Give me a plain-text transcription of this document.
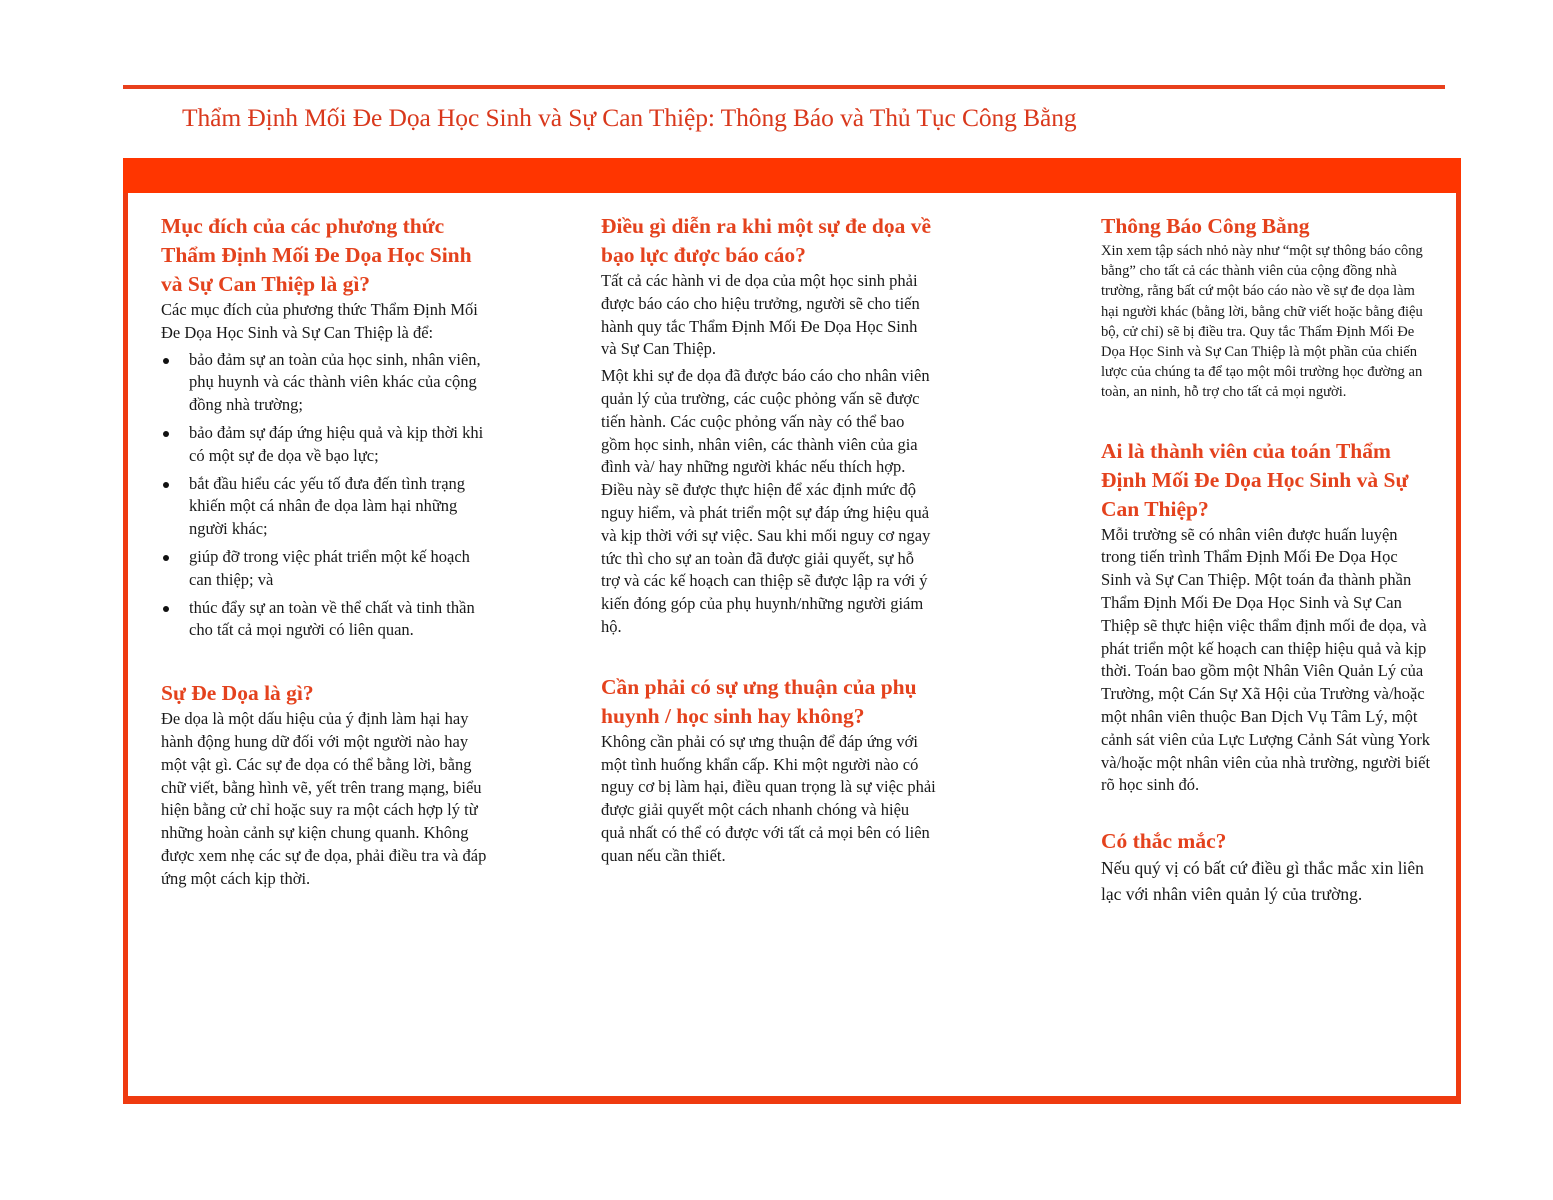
Thẩm Định Mối Đe Dọa Học Sinh và Sự Can Thiệp: Thông Báo và Thủ Tục Công Bằng
Mục đích của các phương thức Thẩm Định Mối Đe Dọa Học Sinh và Sự Can Thiệp là gì?

Các mục đích của phương thức Thẩm Định Mối Đe Dọa Học Sinh và Sự Can Thiệp là để:

bảo đảm sự an toàn của học sinh, nhân viên, phụ huynh và các thành viên khác của cộng đồng nhà trường;
bảo đảm sự đáp ứng hiệu quả và kịp thời khi có một sự đe dọa về bạo lực;
bắt đầu hiểu các yếu tố đưa đến tình trạng khiến một cá nhân đe dọa làm hại những người khác;
giúp đỡ trong việc phát triển một kế hoạch can thiệp; và
thúc đẩy sự an toàn về thể chất và tinh thần cho tất cả mọi người có liên quan.
Sự Đe Dọa là gì?

Đe dọa là một dấu hiệu của ý định làm hại hay hành động hung dữ đối với một người nào hay một vật gì. Các sự đe dọa có thể bằng lời, bằng chữ viết, bằng hình vẽ, yết trên trang mạng, biểu hiện bằng cử chỉ hoặc suy ra một cách hợp lý từ những hoàn cảnh sự kiện chung quanh. Không được xem nhẹ các sự đe dọa, phải điều tra và đáp ứng một cách kịp thời.

Điều gì diễn ra khi một sự đe dọa về bạo lực được báo cáo?

Tất cả các hành vi de dọa của một học sinh phải được báo cáo cho hiệu trưởng, người sẽ cho tiến hành quy tắc Thẩm Định Mối Đe Dọa Học Sinh và Sự Can Thiệp.

Một khi sự đe dọa đã được báo cáo cho nhân viên quản lý của trường, các cuộc phỏng vấn sẽ được tiến hành. Các cuộc phỏng vấn này có thể bao gồm học sinh, nhân viên, các thành viên của gia đình và/ hay những người khác nếu thích hợp. Điều này sẽ được thực hiện để xác định mức độ nguy hiểm, và phát triển một sự đáp ứng hiệu quả và kịp thời với sự việc. Sau khi mối nguy cơ ngay tức thì cho sự an toàn đã được giải quyết, sự hỗ trợ và các kế hoạch can thiệp sẽ được lập ra với ý kiến đóng góp của phụ huynh/những người giám hộ.

Cần phải có sự ưng thuận của phụ huynh / học sinh hay không?

Không cần phải có sự ưng thuận để đáp ứng với một tình huống khẩn cấp. Khi một người nào có nguy cơ bị làm hại, điều quan trọng là sự việc phải được giải quyết một cách nhanh chóng và hiệu quả nhất có thể có được với tất cả mọi bên có liên quan nếu cần thiết.

Thông Báo Công Bằng

Xin xem tập sách nhỏ này như “một sự thông báo công bằng” cho tất cả các thành viên của cộng đồng nhà trường, rằng bất cứ một báo cáo nào về sự đe dọa làm hại người khác (bằng lời, bằng chữ viết hoặc bằng điệu bộ, cử chỉ) sẽ bị điều tra. Quy tắc Thẩm Định Mối Đe Dọa Học Sinh và Sự Can Thiệp là một phần của chiến lược của chúng ta để tạo một môi trường học đường an toàn, an ninh, hỗ trợ cho tất cả mọi người.

Ai là thành viên của toán Thẩm Định Mối Đe Dọa Học Sinh và Sự Can Thiệp?

Mỗi trường sẽ có nhân viên được huấn luyện trong tiến trình Thẩm Định Mối Đe Dọa Học Sinh và Sự Can Thiệp. Một toán đa thành phần Thẩm Định Mối Đe Dọa Học Sinh và Sự Can Thiệp sẽ thực hiện việc thẩm định mối đe dọa, và phát triển một kế hoạch can thiệp hiệu quả và kịp thời. Toán bao gồm một Nhân Viên Quản Lý của Trường, một Cán Sự Xã Hội của Trường và/hoặc một nhân viên thuộc Ban Dịch Vụ Tâm Lý, một cảnh sát viên của Lực Lượng Cảnh Sát vùng York và/hoặc một nhân viên của nhà trường, người biết rõ học sinh đó.

Có thắc mắc?

Nếu quý vị có bất cứ điều gì thắc mắc xin liên lạc với nhân viên quản lý của trường.
